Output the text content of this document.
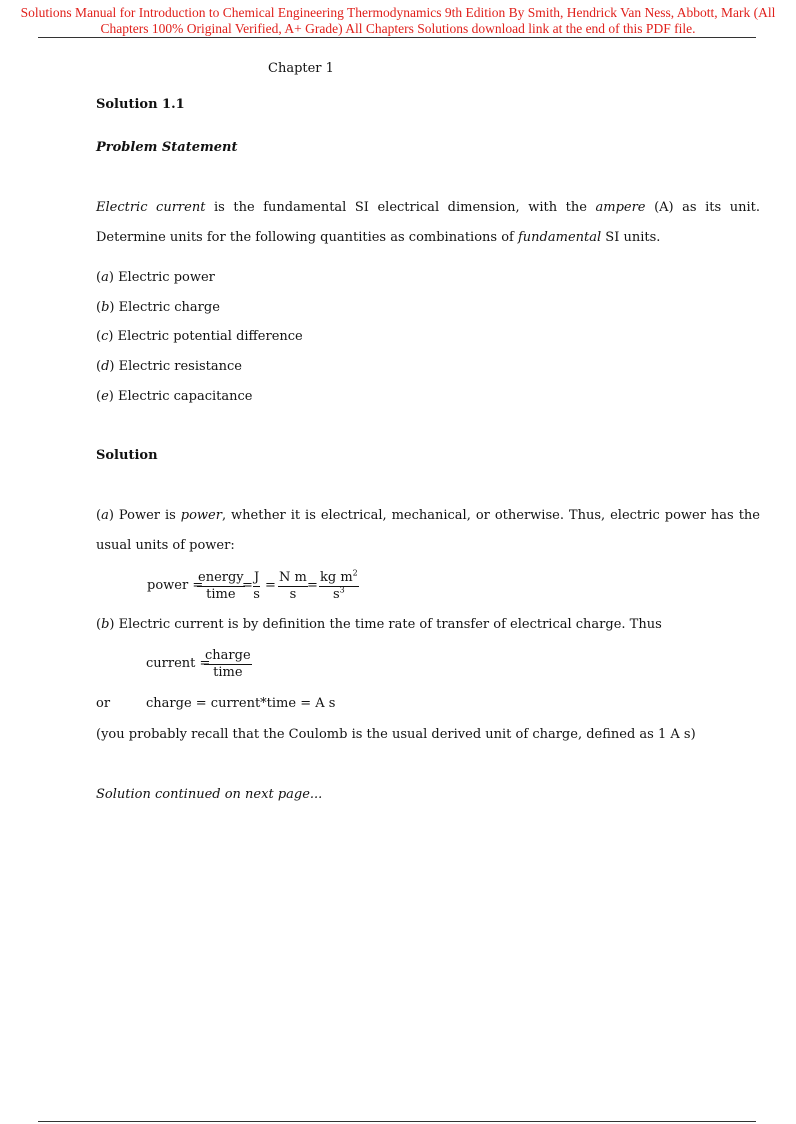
Solutions Manual for Introduction to Chemical Engineering Thermodynamics 9th Edition By Smith, Hendrick Van Ness, Abbott, Mark (All Chapters 100% Original Verified, A+ Grade) All Chapters Solutions download link at the end of this PDF file.
Chapter 1
Solution 1.1
Problem Statement
Electric current is the fundamental SI electrical dimension, with the ampere (A) as its unit. Determine units for the following quantities as combinations of fundamental SI units.
(a) Electric power
(b) Electric charge
(c) Electric potential difference
(d) Electric resistance
(e) Electric capacitance
Solution
(a) Power is power, whether it is electrical, mechanical, or otherwise. Thus, electric power has the usual units of power:
power =
energy
time
= $\frac{J}{s} = \frac{\text{N m}}{s} = \frac{kg m^2}{s^3}$
(b) Electric current is by definition the time rate of transfer of electrical charge. Thus
current =
charge
time
or	charge = current*time = A s
(you probably recall that the Coulomb is the usual derived unit of charge, defined as 1 A s)
Solution continued on next page...
